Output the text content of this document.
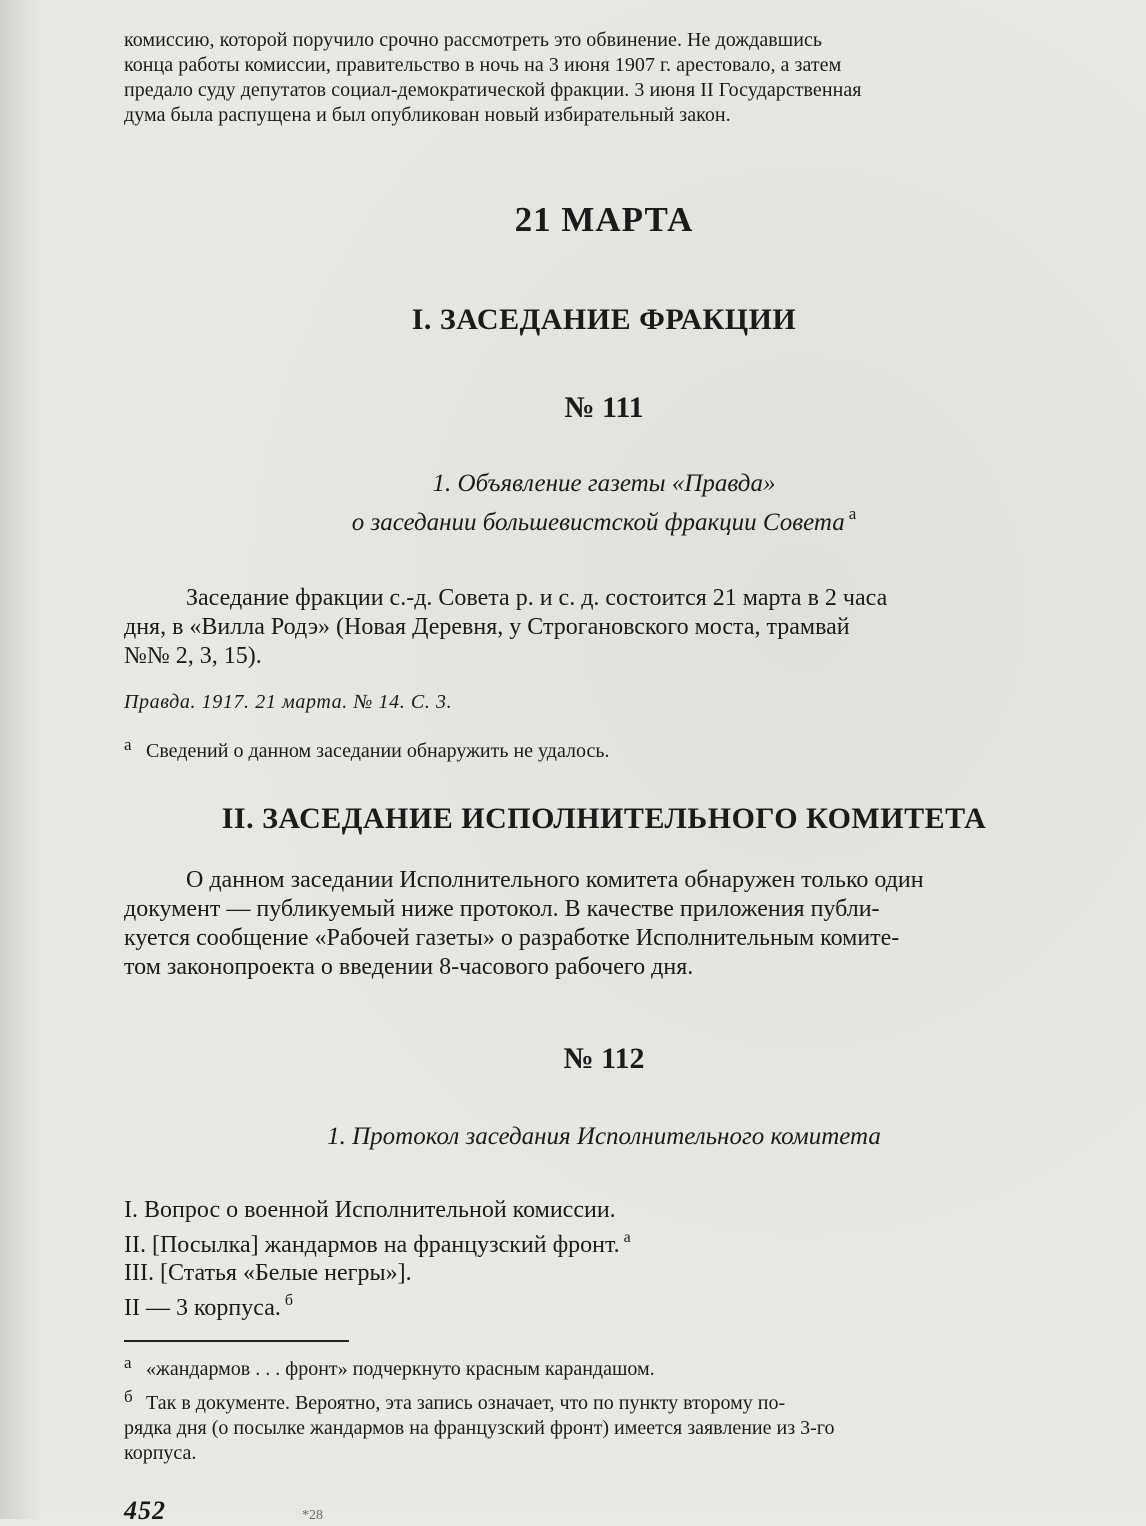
комиссию, которой поручило срочно рассмотреть это обвинение. Не дождавшись
конца работы комиссии, правительство в ночь на 3 июня 1907 г. арестовало, а затем
предало суду депутатов социал-демократической фракции. 3 июня II Государственная
дума была распущена и был опубликован новый избирательный закон.

21 МАРТА
I. ЗАСЕДАНИЕ ФРАКЦИИ
№ 111
1. Объявление газеты «Правда»
о заседании большевистской фракции Совета $^а$

Заседание фракции с.-д. Совета р. и с. д. состоится 21 марта в 2 часа
дня, в «Вилла Родэ» (Новая Деревня, у Строгановского моста, трамвай
№№ 2, 3, 15).

Правда. 1917. 21 марта. № 14. С. 3.

а Сведений о данном заседании обнаружить не удалось.

II. ЗАСЕДАНИЕ ИСПОЛНИТЕЛЬНОГО КОМИТЕТА

О данном заседании Исполнительного комитета обнаружен только один
документ — публикуемый ниже протокол. В качестве приложения публи-
куется сообщение «Рабочей газеты» о разработке Исполнительным комите-
том законопроекта о введении 8-часового рабочего дня.

№ 112
1. Протокол заседания Исполнительного комитета
I. Вопрос о военной Исполнительной комиссии.
II. [Посылка] жандармов на французский фронт. $^а$
III. [Статья «Белые негры»].
II — 3 корпуса. $^б$

а «жандармов . . . фронт» подчеркнуто красным карандашом.

б Так в документе. Вероятно, эта запись означает, что по пункту второму по-
рядка дня (о посылке жандармов на французский фронт) имеется заявление из 3-го
корпуса.

452	*28
